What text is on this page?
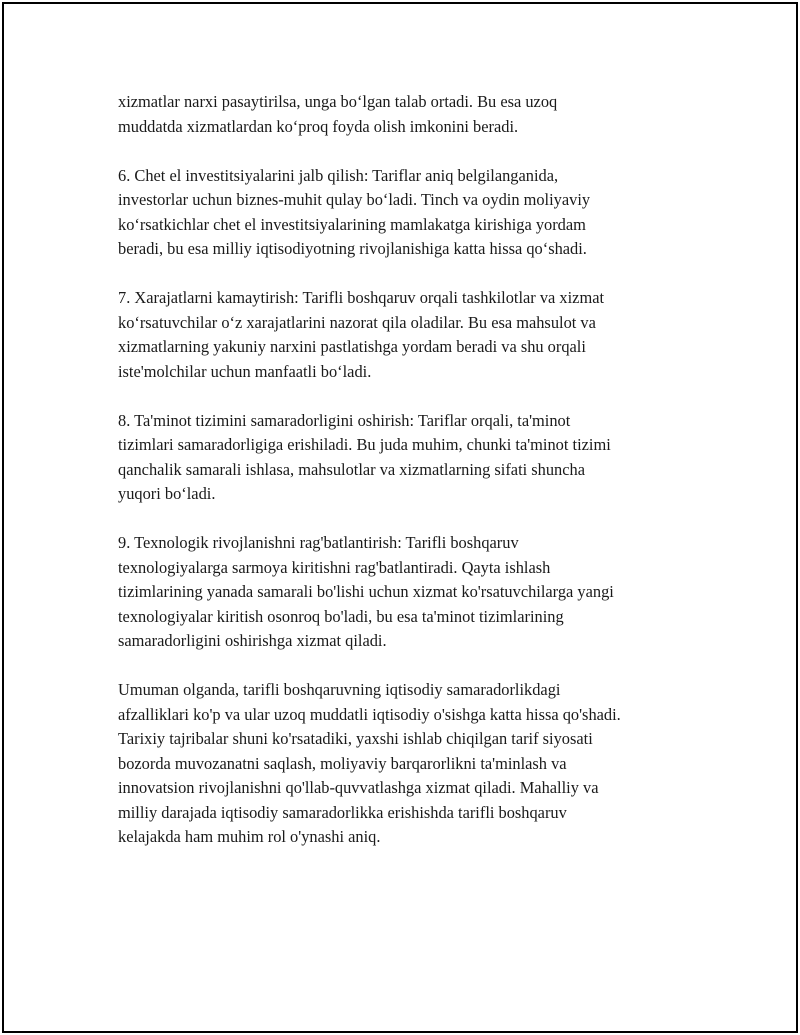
xizmatlar narxi pasaytirilsa, unga boʻlgan talab ortadi. Bu esa uzoq
muddatda xizmatlardan koʻproq foyda olish imkonini beradi.

6. Chet el investitsiyalarini jalb qilish: Tariflar aniq belgilanganida,
investorlar uchun biznes-muhit qulay boʻladi. Tinch va oydin moliyaviy
koʻrsatkichlar chet el investitsiyalarining mamlakatga kirishiga yordam
beradi, bu esa milliy iqtisodiyotning rivojlanishiga katta hissa qoʻshadi.

7. Xarajatlarni kamaytirish: Tarifli boshqaruv orqali tashkilotlar va xizmat
koʻrsatuvchilar oʻz xarajatlarini nazorat qila oladilar. Bu esa mahsulot va
xizmatlarning yakuniy narxini pastlatishga yordam beradi va shu orqali
iste'molchilar uchun manfaatli boʻladi.

8. Ta'minot tizimini samaradorligini oshirish: Tariflar orqali, ta'minot
tizimlari samaradorligiga erishiladi. Bu juda muhim, chunki ta'minot tizimi
qanchalik samarali ishlasa, mahsulotlar va xizmatlarning sifati shuncha
yuqori boʻladi.

9. Texnologik rivojlanishni rag'batlantirish: Tarifli boshqaruv
texnologiyalarga sarmoya kiritishni rag'batlantiradi. Qayta ishlash
tizimlarining yanada samarali bo'lishi uchun xizmat ko'rsatuvchilarga yangi
texnologiyalar kiritish osonroq bo'ladi, bu esa ta'minot tizimlarining
samaradorligini oshirishga xizmat qiladi.

Umuman olganda, tarifli boshqaruvning iqtisodiy samaradorlikdagi
afzalliklari ko'p va ular uzoq muddatli iqtisodiy o'sishga katta hissa qo'shadi.
Tarixiy tajribalar shuni ko'rsatadiki, yaxshi ishlab chiqilgan tarif siyosati
bozorda muvozanatni saqlash, moliyaviy barqarorlikni ta'minlash va
innovatsion rivojlanishni qo'llab-quvvatlashga xizmat qiladi. Mahalliy va
milliy darajada iqtisodiy samaradorlikka erishishda tarifli boshqaruv
kelajakda ham muhim rol o'ynashi aniq.
